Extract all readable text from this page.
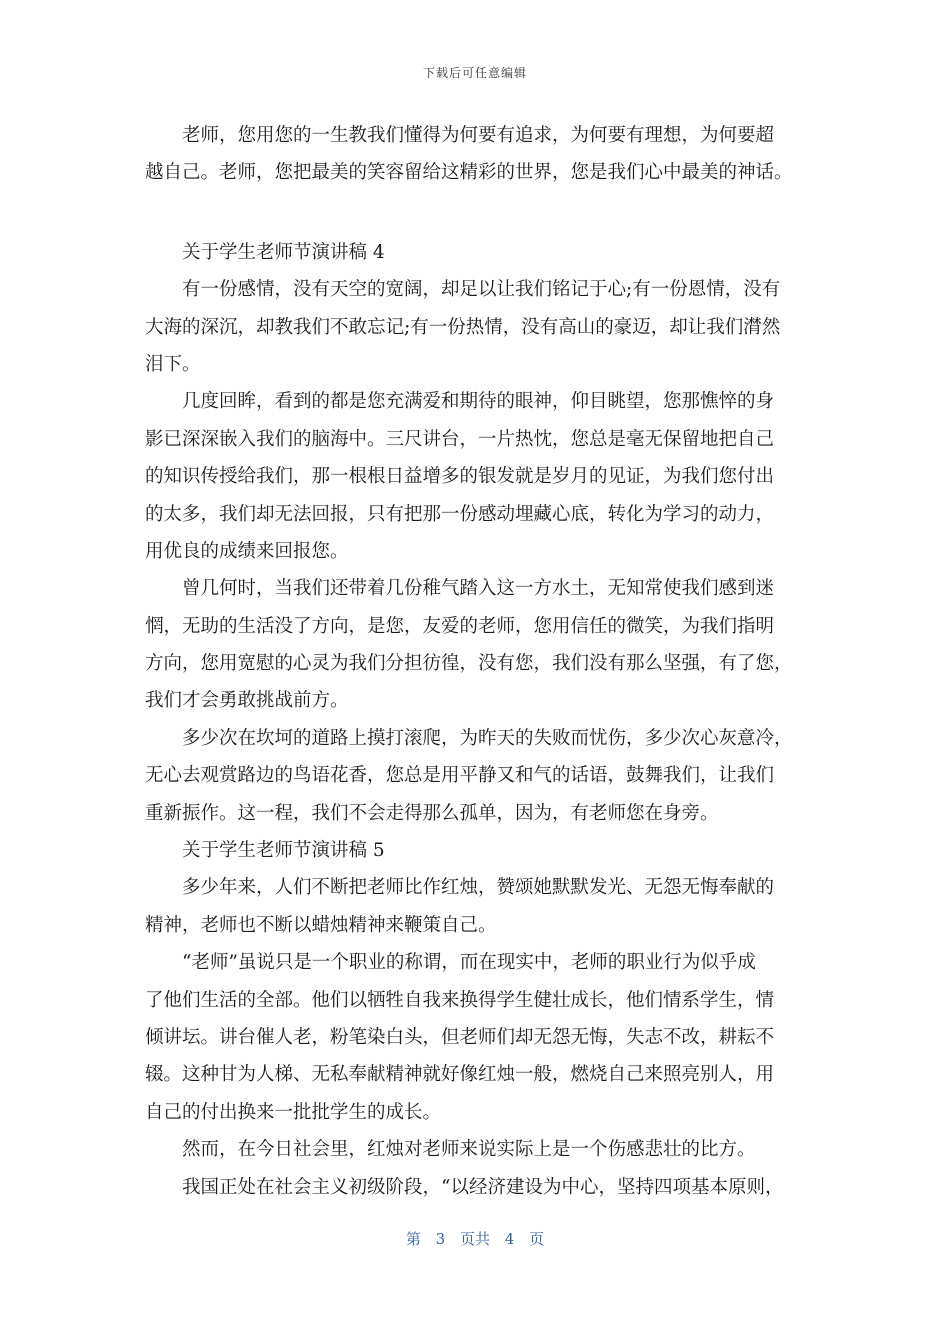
下载后可任意编辑

老师，您用您的一生教我们懂得为何要有追求，为何要有理想，为何要超

越自己。老师，您把最美的笑容留给这精彩的世界，您是我们心中最美的神话。

关于学生老师节演讲稿 4

有一份感情，没有天空的宽阔，却足以让我们铭记于心;有一份恩情，没有

大海的深沉，却教我们不敢忘记;有一份热情，没有高山的豪迈，却让我们潸然

泪下。

几度回眸，看到的都是您充满爱和期待的眼神，仰目眺望，您那憔悴的身

影已深深嵌入我们的脑海中。三尺讲台，一片热忱，您总是毫无保留地把自己

的知识传授给我们，那一根根日益增多的银发就是岁月的见证，为我们您付出

的太多，我们却无法回报，只有把那一份感动埋藏心底，转化为学习的动力，

用优良的成绩来回报您。

曾几何时，当我们还带着几份稚气踏入这一方水土，无知常使我们感到迷

惘，无助的生活没了方向，是您，友爱的老师，您用信任的微笑，为我们指明

方向，您用宽慰的心灵为我们分担彷徨，没有您，我们没有那么坚强，有了您，

我们才会勇敢挑战前方。

多少次在坎坷的道路上摸打滚爬，为昨天的失败而忧伤，多少次心灰意冷，

无心去观赏路边的鸟语花香，您总是用平静又和气的话语，鼓舞我们，让我们

重新振作。这一程，我们不会走得那么孤单，因为，有老师您在身旁。

关于学生老师节演讲稿 5

多少年来，人们不断把老师比作红烛，赞颂她默默发光、无怨无悔奉献的

精神，老师也不断以蜡烛精神来鞭策自己。

“老师”虽说只是一个职业的称谓，而在现实中，老师的职业行为似乎成

了他们生活的全部。他们以牺牲自我来换得学生健壮成长，他们情系学生，情

倾讲坛。讲台催人老，粉笔染白头，但老师们却无怨无悔，失志不改，耕耘不

辍。这种甘为人梯、无私奉献精神就好像红烛一般，燃烧自己来照亮别人，用

自己的付出换来一批批学生的成长。

然而，在今日社会里，红烛对老师来说实际上是一个伤感悲壮的比方。

我国正处在社会主义初级阶段，“以经济建设为中心，坚持四项基本原则，

第 3 页共 4 页
